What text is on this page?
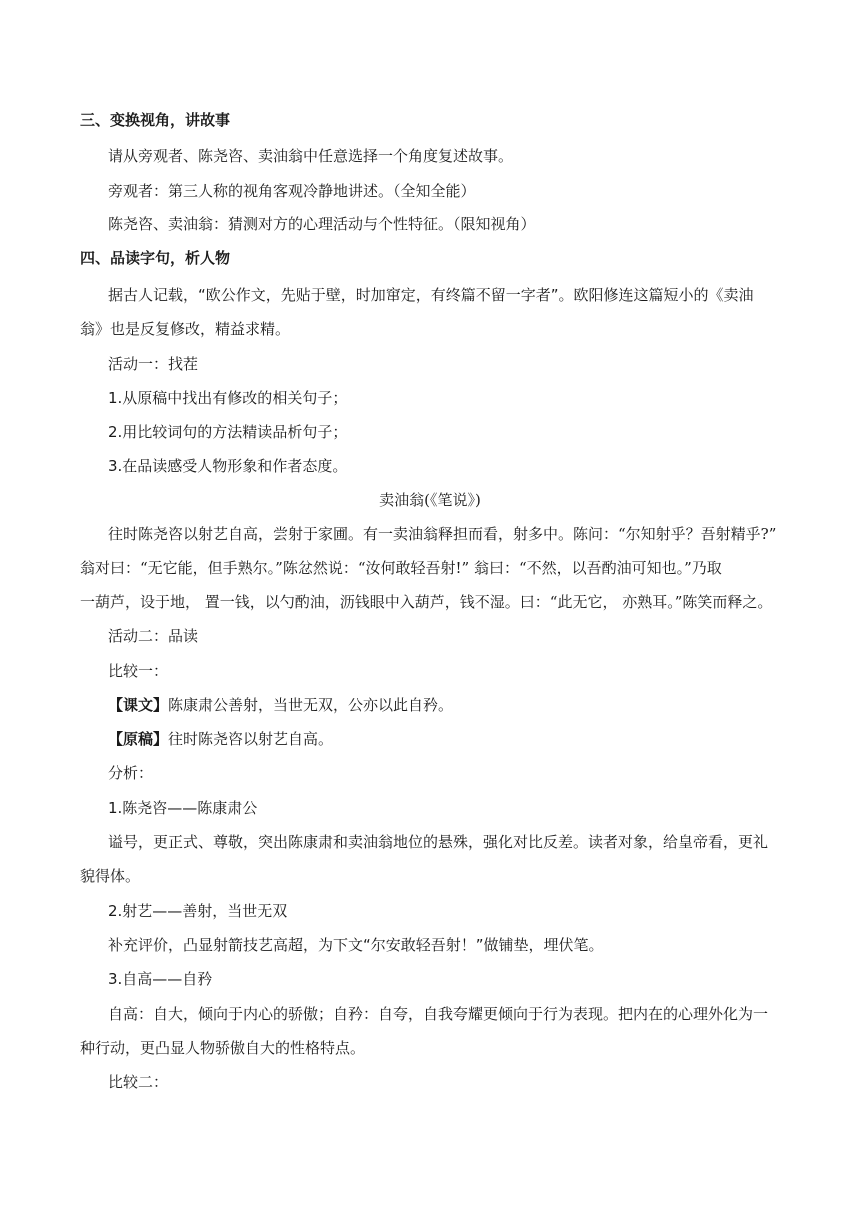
三、变换视角，讲故事
请从旁观者、陈尧咨、卖油翁中任意选择一个角度复述故事。
旁观者：第三人称的视角客观冷静地讲述。（全知全能）
陈尧咨、卖油翁：猜测对方的心理活动与个性特征。（限知视角）
四、品读字句，析人物
据古人记载，“欧公作文，先贴于壁，时加窜定，有终篇不留一字者”。欧阳修连这篇短小的《卖油
翁》也是反复修改，精益求精。
活动一：找茬
1.从原稿中找出有修改的相关句子；
2.用比较词句的方法精读品析句子；
3.在品读感受人物形象和作者态度。
卖油翁(《笔说》)
往时陈尧咨以射艺自高，尝射于家圃。有一卖油翁释担而看，射多中。陈问：“尔知射乎？吾射精乎?”
翁对曰：“无它能，但手熟尔。”陈忿然说：“汝何敢轻吾射!” 翁曰：“不然，以吾酌油可知也。”乃取
一葫芦，设于地， 置一钱，以勺酌油，沥钱眼中入葫芦，钱不湿。曰：“此无它， 亦熟耳。”陈笑而释之。
活动二：品读
比较一：
【课文】陈康肃公善射，当世无双，公亦以此自矜。
【原稿】往时陈尧咨以射艺自高。
分析：
1.陈尧咨——陈康肃公
谥号，更正式、尊敬，突出陈康肃和卖油翁地位的悬殊，强化对比反差。读者对象，给皇帝看，更礼
貌得体。
2.射艺——善射，当世无双
补充评价，凸显射箭技艺高超，为下文“尔安敢轻吾射！”做铺垫，埋伏笔。
3.自高——自矜
自高：自大，倾向于内心的骄傲；自矜：自夸，自我夸耀更倾向于行为表现。把内在的心理外化为一
种行动，更凸显人物骄傲自大的性格特点。
比较二：
